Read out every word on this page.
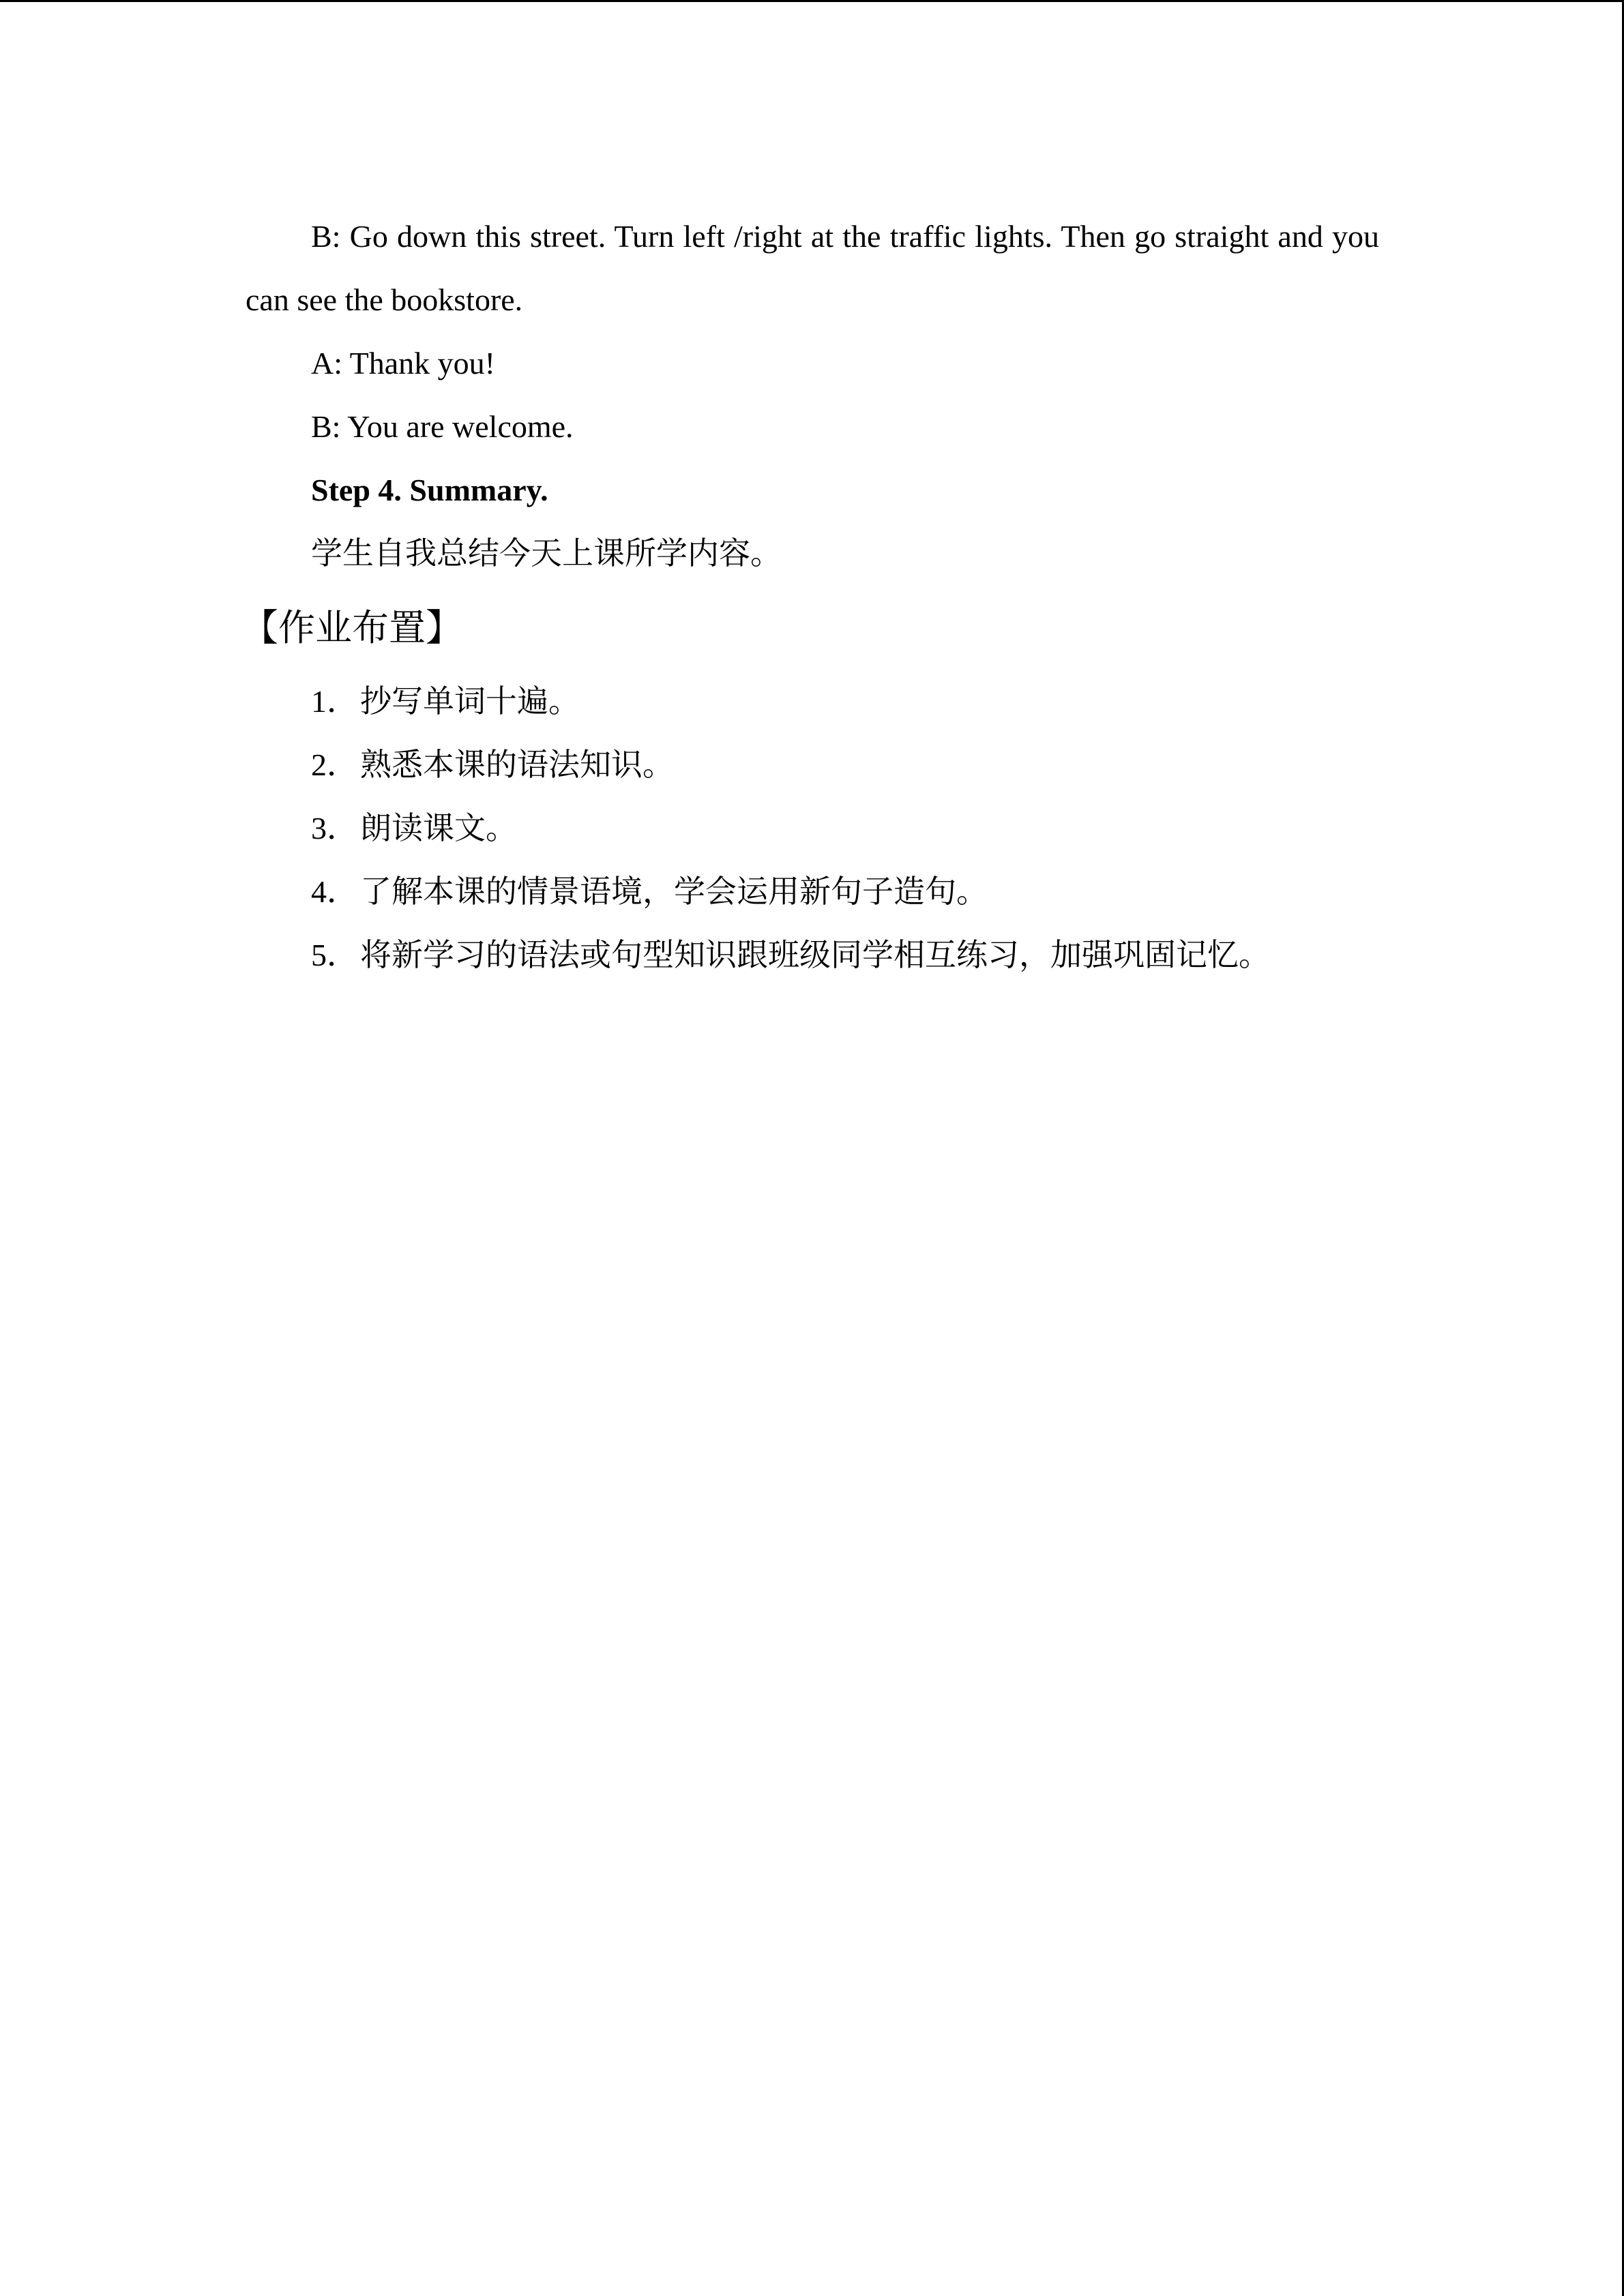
B: Go down this street. Turn left /right at the traffic lights. Then go straight and you can see the bookstore.

A: Thank you!

B: You are welcome.

Step 4. Summary.

学生自我总结今天上课所学内容。

【作业布置】
1．抄写单词十遍。
2．熟悉本课的语法知识。
3．朗读课文。
4．了解本课的情景语境，学会运用新句子造句。
5．将新学习的语法或句型知识跟班级同学相互练习，加强巩固记忆。
